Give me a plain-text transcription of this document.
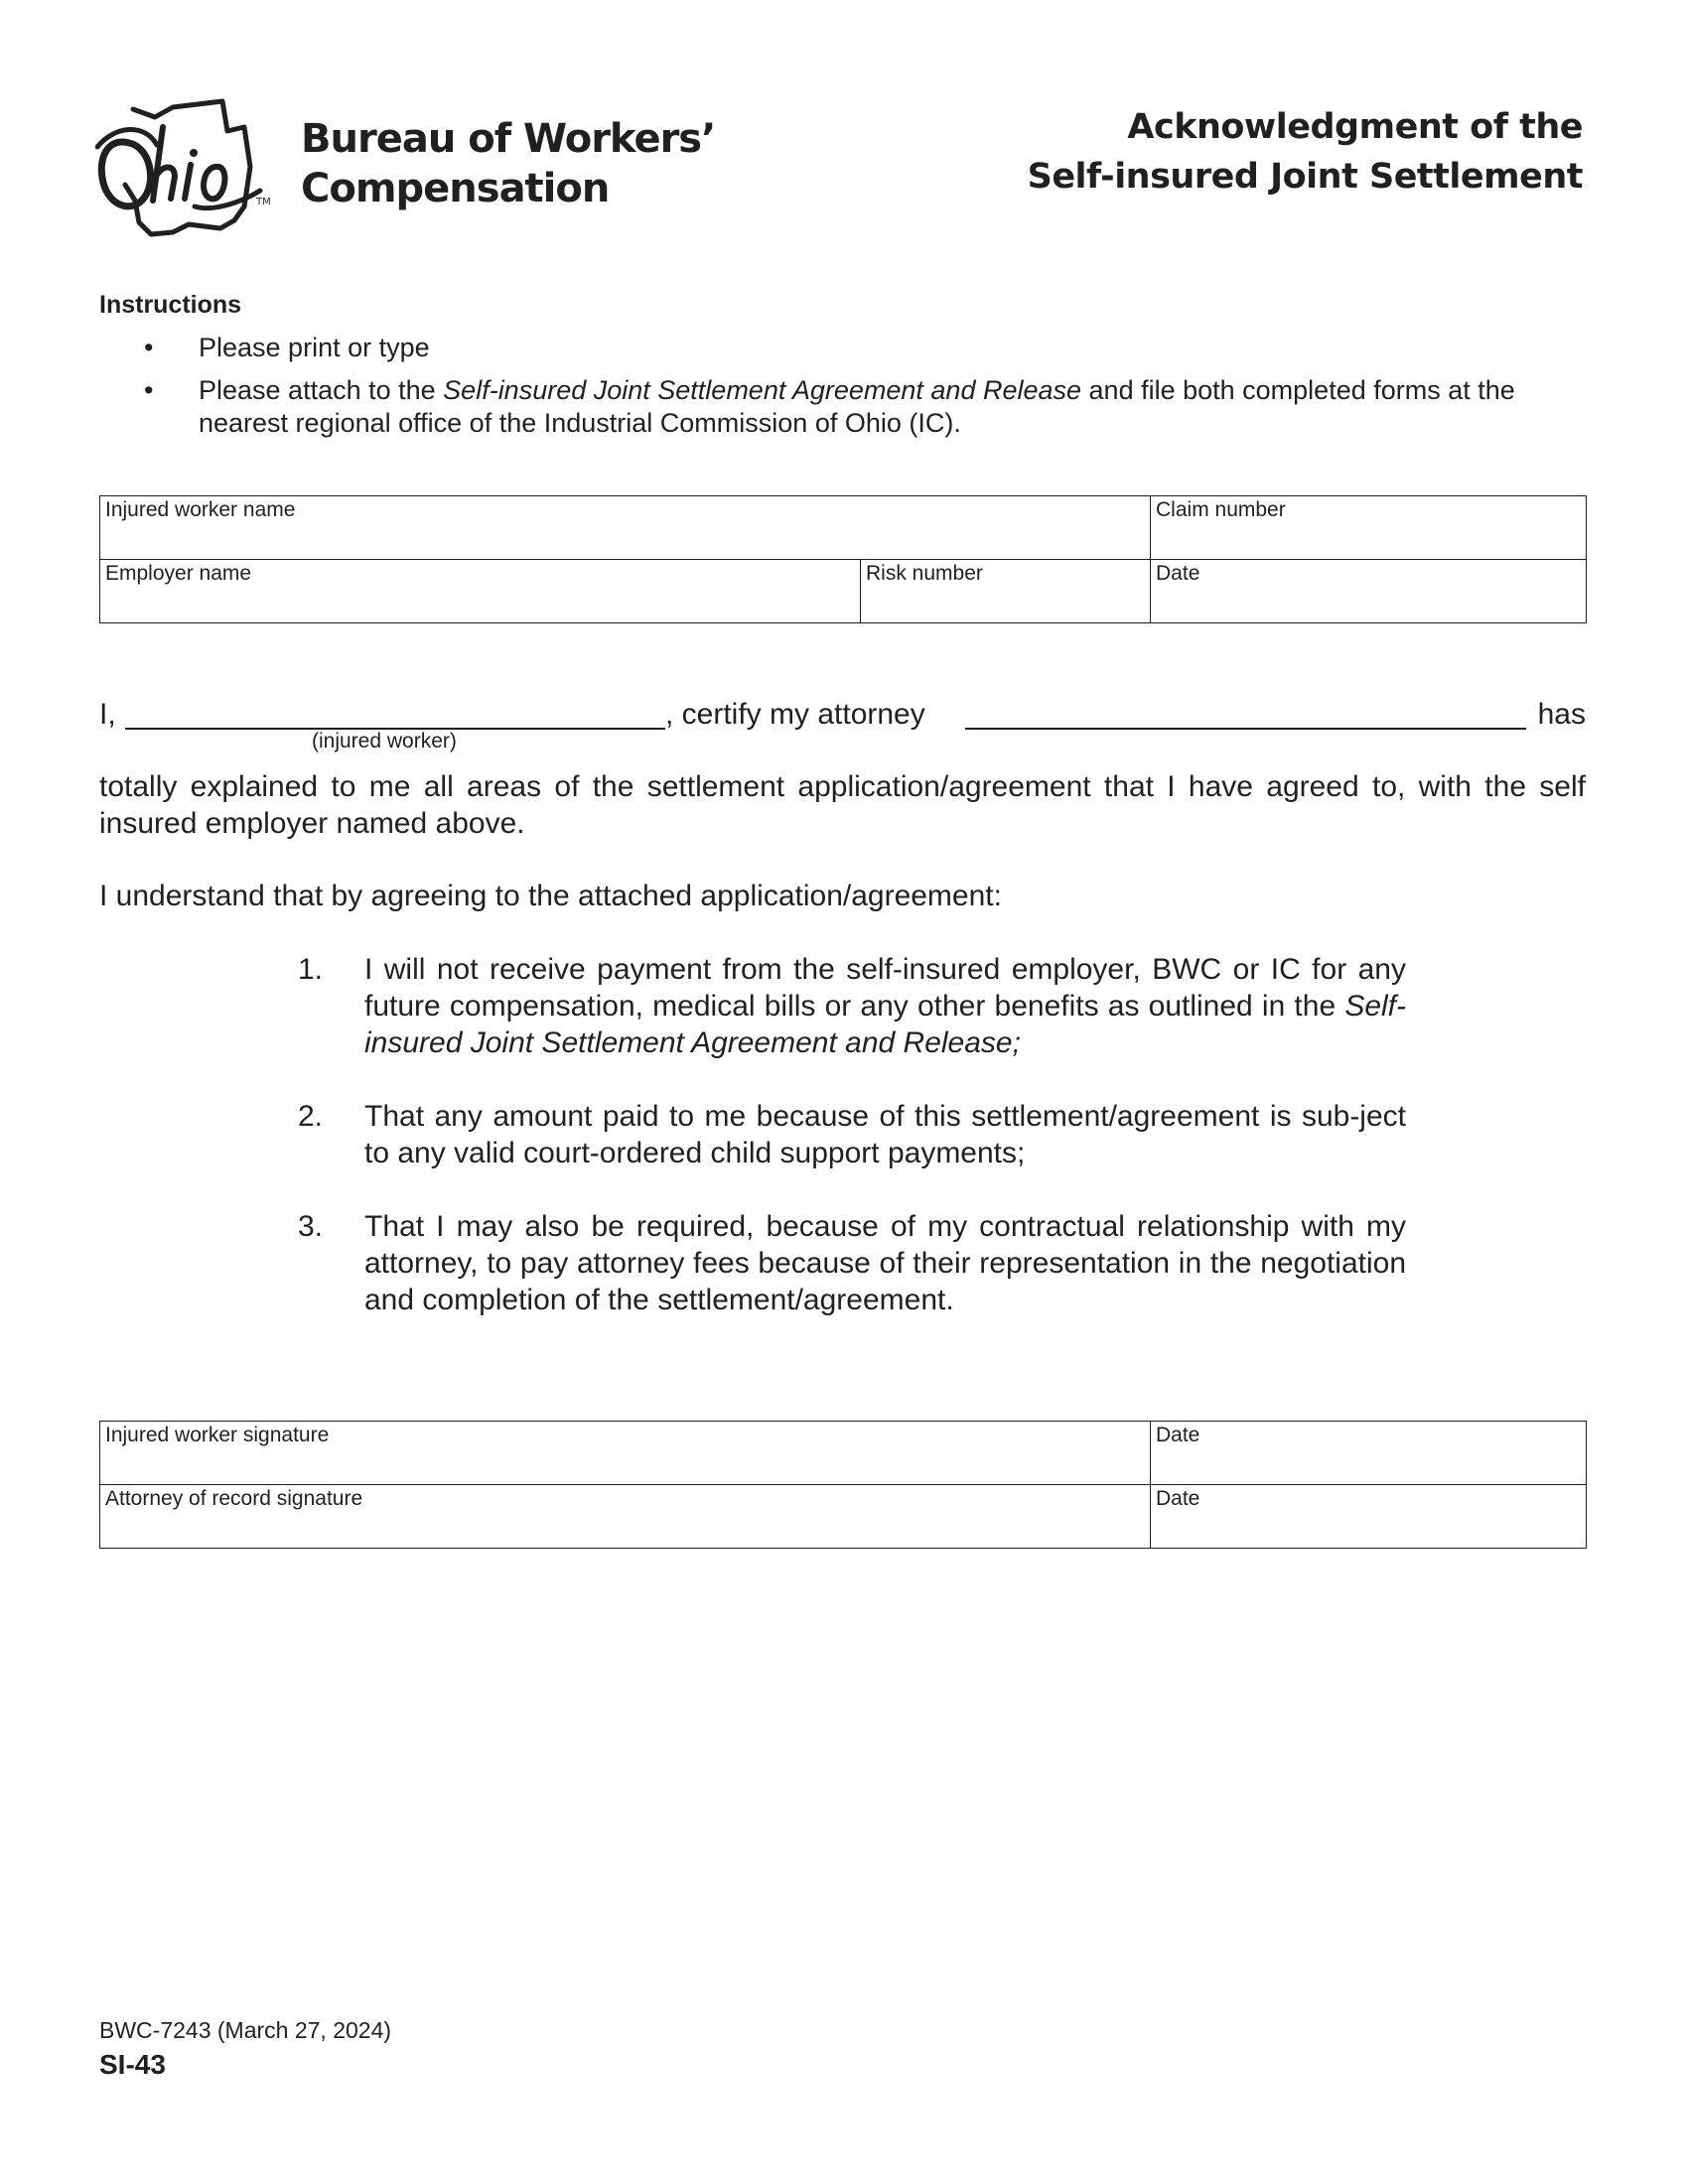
TM
Bureau of Workers’
Compensation
Acknowledgment of the
Self-insured Joint Settlement
Instructions
• Please print or type
• Please attach to the Self-insured Joint Settlement Agreement and Release and file both completed forms at the nearest regional office of the Industrial Commission of Ohio (IC).
Injured worker name		Claim number
Employer name	Risk number	Date
I,	, certify my attorney	has
(injured worker)
totally explained to me all areas of the settlement application/agreement that I have agreed to, with the self insured employer named above.
I understand that by agreeing to the attached application/agreement:
1. I will not receive payment from the self-insured employer, BWC or IC for any future compensation, medical bills or any other benefits as outlined in the Self-insured Joint Settlement Agreement and Release;
2. That any amount paid to me because of this settlement/agreement is sub-ject to any valid court-ordered child support payments;
3. That I may also be required, because of my contractual relationship with my attorney, to pay attorney fees because of their representation in the negotiation and completion of the settlement/agreement.
Injured worker signature	Date
Attorney of record signature	Date
BWC-7243 (March 27, 2024)
SI-43
